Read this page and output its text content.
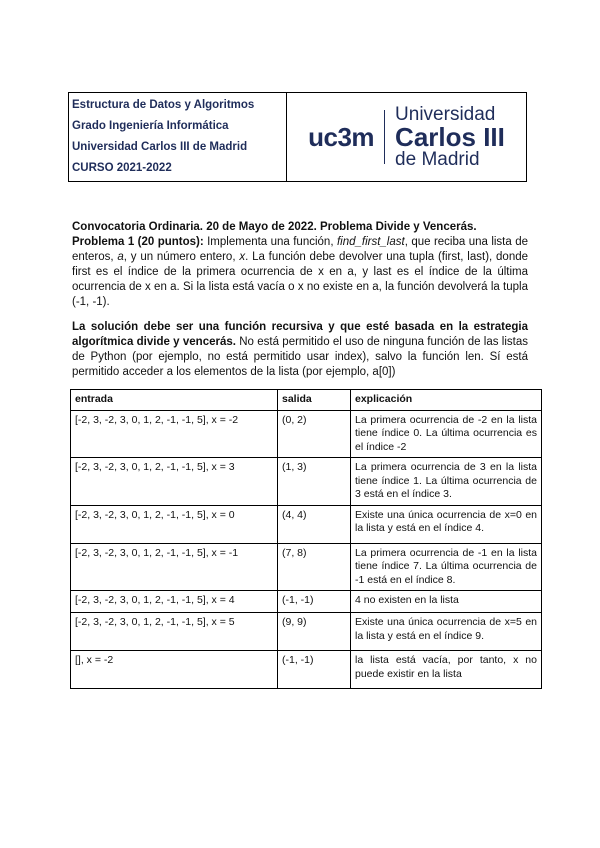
Estructura de Datos y Algoritmos
Grado Ingeniería Informática
Universidad Carlos III de Madrid
CURSO 2021-2022
uc3m
Universidad
Carlos III
de Madrid
Convocatoria Ordinaria. 20 de Mayo de 2022. Problema Divide y Vencerás.
Problema 1 (20 puntos): Implementa una función, find_first_last, que reciba una lista de enteros, a, y un número entero, x. La función debe devolver una tupla (first, last), donde first es el índice de la primera ocurrencia de x en a, y last es el índice de la última ocurrencia de x en a. Si la lista está vacía o x no existe en a, la función devolverá la tupla (-1, -1).
La solución debe ser una función recursiva y que esté basada en la estrategia algorítmica divide y vencerás. No está permitido el uso de ninguna función de las listas de Python (por ejemplo, no está permitido usar index), salvo la función len. Sí está permitido acceder a los elementos de la lista (por ejemplo, a[0])
entrada	salida	explicación
[-2, 3, -2, 3, 0, 1, 2, -1, -1, 5], x = -2	(0, 2)	La primera ocurrencia de -2 en la lista tiene índice 0. La última ocurrencia es el índice -2
[-2, 3, -2, 3, 0, 1, 2, -1, -1, 5], x = 3	(1, 3)	La primera ocurrencia de 3 en la lista tiene índice 1. La última ocurrencia de 3 está en el índice 3.
[-2, 3, -2, 3, 0, 1, 2, -1, -1, 5], x = 0	(4, 4)	Existe una única ocurrencia de x=0 en la lista y está en el índice 4.
[-2, 3, -2, 3, 0, 1, 2, -1, -1, 5], x = -1	(7, 8)	La primera ocurrencia de -1 en la lista tiene índice 7. La última ocurrencia de -1 está en el índice 8.
[-2, 3, -2, 3, 0, 1, 2, -1, -1, 5], x = 4	(-1, -1)	4 no existen en la lista
[-2, 3, -2, 3, 0, 1, 2, -1, -1, 5], x = 5	(9, 9)	Existe una única ocurrencia de x=5 en la lista y está en el índice 9.
[], x = -2	(-1, -1)	la lista está vacía, por tanto, x no puede existir en la lista
